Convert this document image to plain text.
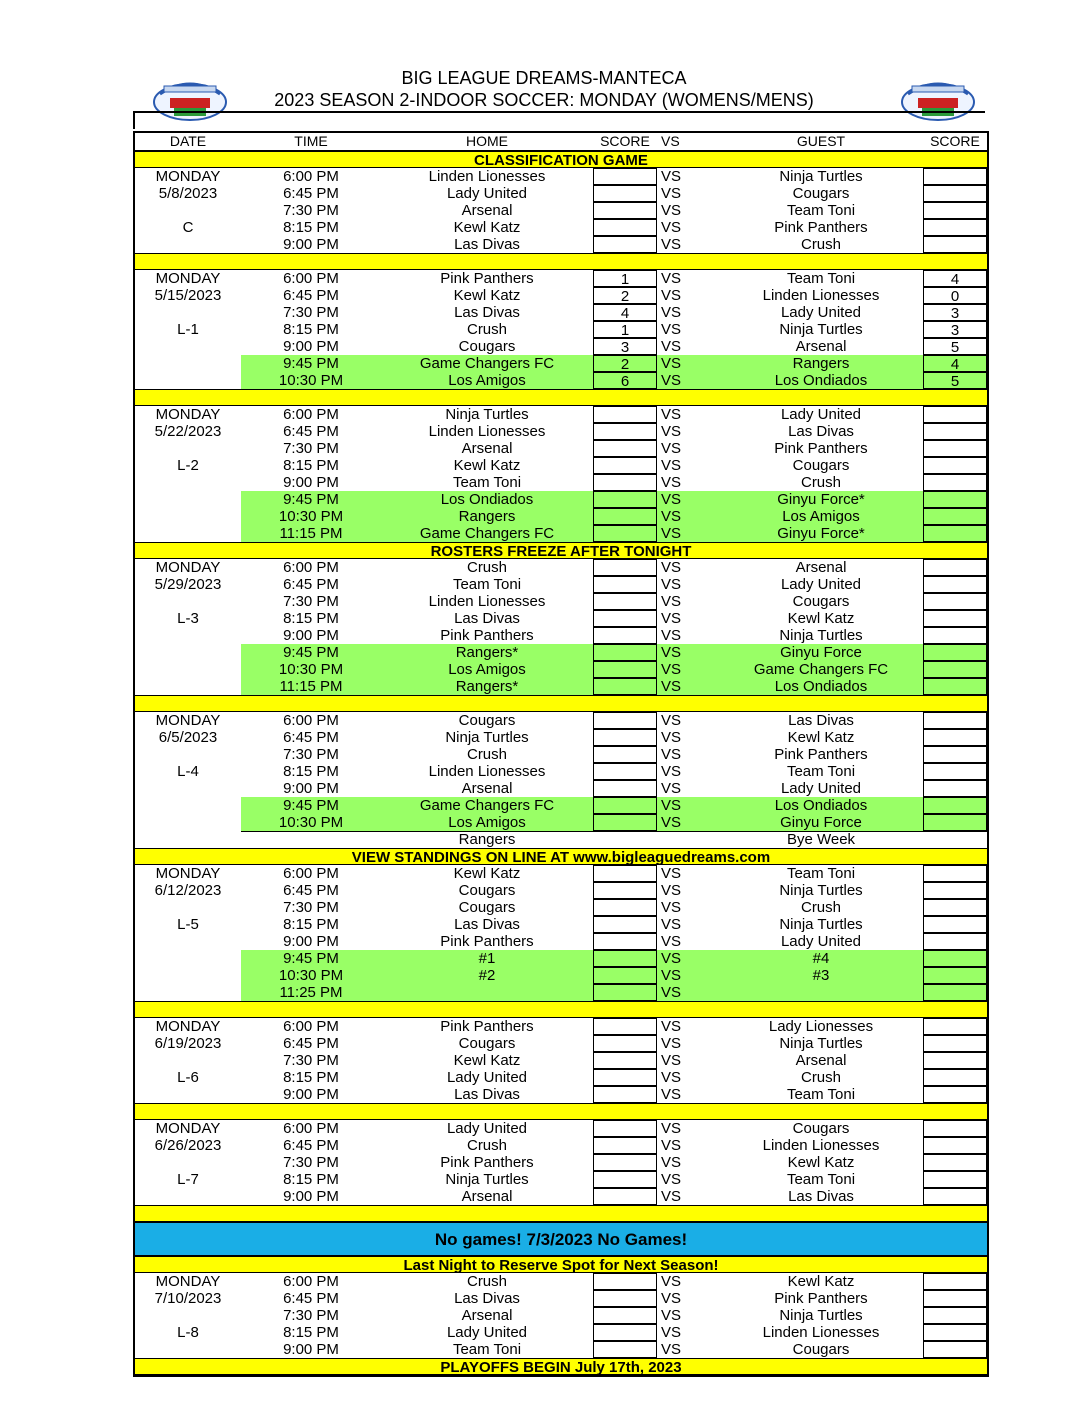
BIG LEAGUE DREAMS-MANTECA
2023 SEASON 2-INDOOR SOCCER: MONDAY (WOMENS/MENS)
DATE	TIME	HOME	SCORE VS	GUEST	SCORE
CLASSIFICATION GAME
MONDAY	6:00 PM	Linden Lionesses	VS	Ninja Turtles
5/8/2023	6:45 PM	Lady United	VS	Cougars
7:30 PM	Arsenal	VS	Team Toni
C	8:15 PM	Kewl Katz	VS	Pink Panthers
9:00 PM	Las Divas	VS	Crush
MONDAY	6:00 PM	Pink Panthers	1	VS	Team Toni	4
5/15/2023	6:45 PM	Kewl Katz	2	VS	Linden Lionesses	0
7:30 PM	Las Divas	4	VS	Lady United	3
L-1	8:15 PM	Crush	1	VS	Ninja Turtles	3
9:00 PM	Cougars	3	VS	Arsenal	5
9:45 PM	Game Changers FC	2	VS	Rangers	4
10:30 PM	Los Amigos	6	VS	Los Ondiados	5
MONDAY	6:00 PM	Ninja Turtles	VS	Lady United
5/22/2023	6:45 PM	Linden Lionesses	VS	Las Divas
7:30 PM	Arsenal	VS	Pink Panthers
L-2	8:15 PM	Kewl Katz	VS	Cougars
9:00 PM	Team Toni	VS	Crush
9:45 PM	Los Ondiados	VS	Ginyu Force*
10:30 PM	Rangers	VS	Los Amigos
11:15 PM	Game Changers FC	VS	Ginyu Force*
ROSTERS FREEZE AFTER TONIGHT
MONDAY	6:00 PM	Crush	VS	Arsenal
5/29/2023	6:45 PM	Team Toni	VS	Lady United
7:30 PM	Linden Lionesses	VS	Cougars
L-3	8:15 PM	Las Divas	VS	Kewl Katz
9:00 PM	Pink Panthers	VS	Ninja Turtles
9:45 PM	Rangers*	VS	Ginyu Force
10:30 PM	Los Amigos	VS	Game Changers FC
11:15 PM	Rangers*	VS	Los Ondiados
MONDAY	6:00 PM	Cougars	VS	Las Divas
6/5/2023	6:45 PM	Ninja Turtles	VS	Kewl Katz
7:30 PM	Crush	VS	Pink Panthers
L-4	8:15 PM	Linden Lionesses	VS	Team Toni
9:00 PM	Arsenal	VS	Lady United
9:45 PM	Game Changers FC	VS	Los Ondiados
10:30 PM	Los Amigos	VS	Ginyu Force
Rangers	Bye Week
VIEW STANDINGS ON LINE AT www.bigleaguedreams.com
MONDAY	6:00 PM	Kewl Katz	VS	Team Toni
6/12/2023	6:45 PM	Cougars	VS	Ninja Turtles
7:30 PM	Cougars	VS	Crush
L-5	8:15 PM	Las Divas	VS	Ninja Turtles
9:00 PM	Pink Panthers	VS	Lady United
9:45 PM	#1	VS	#4
10:30 PM	#2	VS	#3
11:25 PM	VS
MONDAY	6:00 PM	Pink Panthers	VS	Lady Lionesses
6/19/2023	6:45 PM	Cougars	VS	Ninja Turtles
7:30 PM	Kewl Katz	VS	Arsenal
L-6	8:15 PM	Lady United	VS	Crush
9:00 PM	Las Divas	VS	Team Toni
MONDAY	6:00 PM	Lady United	VS	Cougars
6/26/2023	6:45 PM	Crush	VS	Linden Lionesses
7:30 PM	Pink Panthers	VS	Kewl Katz
L-7	8:15 PM	Ninja Turtles	VS	Team Toni
9:00 PM	Arsenal	VS	Las Divas
No games! 7/3/2023 No Games!
Last Night to Reserve Spot for Next Season!
MONDAY	6:00 PM	Crush	VS	Kewl Katz
7/10/2023	6:45 PM	Las Divas	VS	Pink Panthers
7:30 PM	Arsenal	VS	Ninja Turtles
L-8	8:15 PM	Lady United	VS	Linden Lionesses
9:00 PM	Team Toni	VS	Cougars
PLAYOFFS BEGIN July 17th, 2023
